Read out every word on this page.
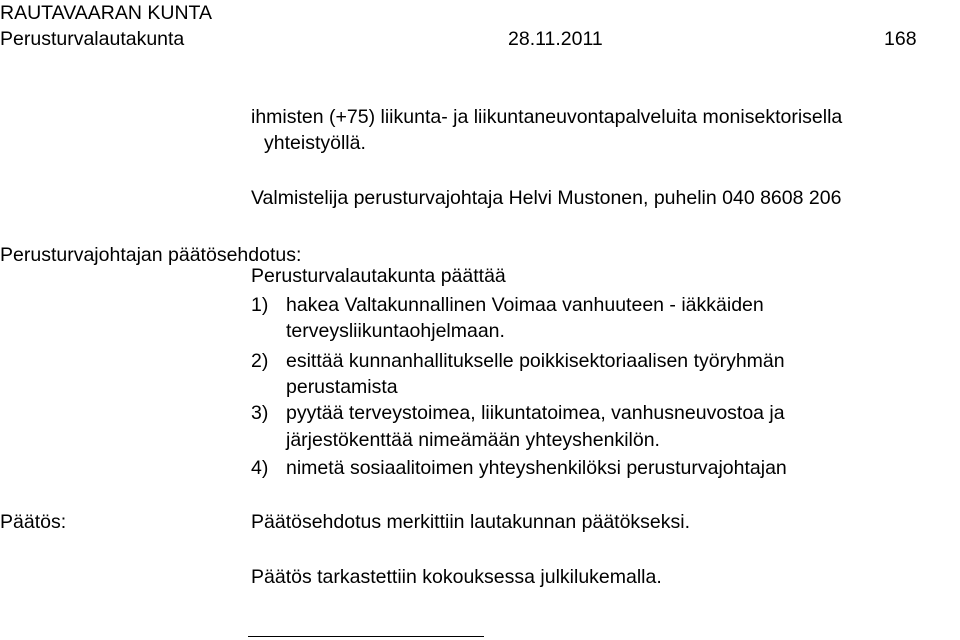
RAUTAVAARAN KUNTA
Perusturvalautakunta	28.11.2011	168
ihmisten (+75) liikunta- ja liikuntaneuvontapalveluita monisektorisella
yhteistyöllä.
Valmistelija perusturvajohtaja Helvi Mustonen, puhelin 040 8608 206
Perusturvajohtajan päätösehdotus:
Perusturvalautakunta päättää
1) hakea Valtakunnallinen Voimaa vanhuuteen - iäkkäiden
terveysliikuntaohjelmaan.
2) esittää kunnanhallitukselle poikkisektoriaalisen työryhmän
perustamista
3) pyytää terveystoimea, liikuntatoimea, vanhusneuvostoa ja
järjestökenttää nimeämään yhteyshenkilön.
4) nimetä sosiaalitoimen yhteyshenkilöksi perusturvajohtajan
Päätös:	Päätösehdotus merkittiin lautakunnan päätökseksi.
Päätös tarkastettiin kokouksessa julkilukemalla.
